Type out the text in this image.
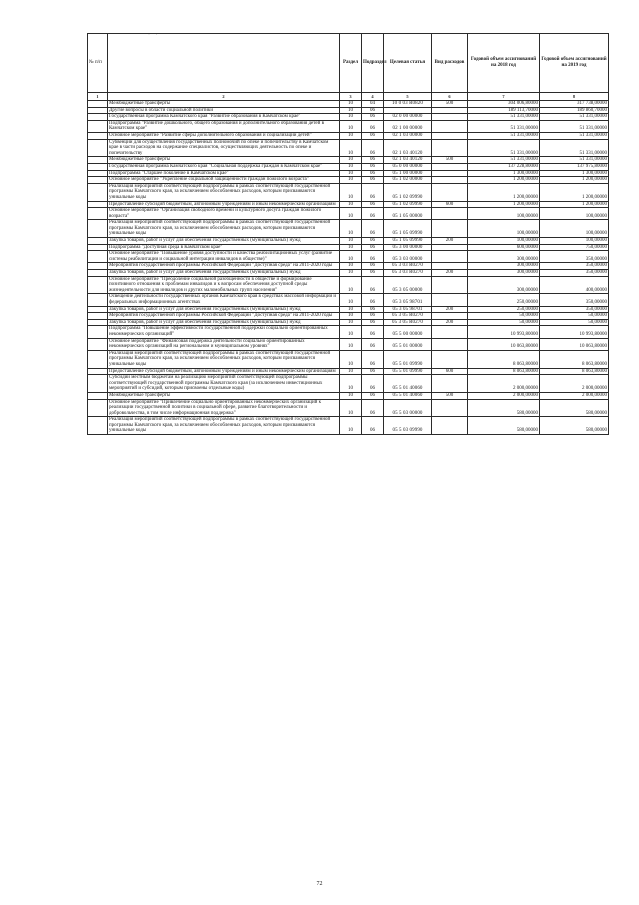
· ·
№ п/п		Раздел	Подраздел	Целевая статья	Вид расходов	Годовой объем ассигнований на 2018 год	Годовой объем ассигнований на 2019 год
1	2	3	4	5	6	7	8
	Межбюджетные трансферты	10	04	10 0 03 R0820	500	304 006,80000	317 738,00000
	Другие вопросы в области социальной политики	10	06			189 113,70000	189 860,70000
	Государственная программа Камчатского края "Развитие образования в Камчатском крае"	10	06	02 0 00 00000		51 331,00000	51 331,00000
	Подпрограмма "Развитие дошкольного, общего образования и дополнительного образования детей в Камчатском крае"	10	06	02 1 00 00000		51 331,00000	51 331,00000
	Основное мероприятие "Развитие сферы дополнительного образования и социализации детей"	10	06	02 1 03 00000		51 331,00000	51 331,00000
	Субвенции для осуществления государственных полномочий по опеке и попечительству в Камчатском крае в части расходов на содержание специалистов, осуществляющих деятельность по опеке и попечительству	10	06	02 1 03 40120		51 331,00000	51 331,00000
	Межбюджетные трансферты	10	06	02 1 03 40120	500	51 331,00000	51 331,00000
	Государственная программа Камчатского края "Социальная поддержка граждан в Камчатском крае"	10	06	05 0 00 00000		137 228,80000	137 975,80000
	Подпрограмма "Старшее поколение в Камчатском крае"	10	06	05 1 00 00000		1 300,00000	1 300,00000
	Основное мероприятие "Укрепление социальной защищенности граждан пожилого возраста"	10	06	05 1 02 00000		1 200,00000	1 200,00000
	Реализация мероприятий соответствующей подпрограммы в рамках соответствующей государственной программы Камчатского края, за исключением обособленных расходов, которым присваиваются уникальные коды	10	06	05 1 02 09990		1 200,00000	1 200,00000
	Предоставление субсидий бюджетным, автономным учреждениям и иным некоммерческим организациям	10	06	05 1 02 09990	600	1 200,00000	1 200,00000
	Основное мероприятие "Организация свободного времени и культурного досуга граждан пожилого возраста"	10	06	05 1 05 00000		100,00000	100,00000
	Реализация мероприятий соответствующей подпрограммы в рамках соответствующей государственной программы Камчатского края, за исключением обособленных расходов, которым присваиваются уникальные коды	10	06	05 1 05 09990		100,00000	100,00000
	Закупка товаров, работ и услуг для обеспечения государственных (муниципальных) нужд	10	06	05 1 05 09990	200	100,00000	100,00000
	Подпрограмма "Доступная среда в Камчатском крае"	10	06	05 3 00 00000		600,00000	750,00000
	Основное мероприятие "Повышение уровня доступности и качества реабилитационных услуг (развитие системы реабилитации и социальной интеграции инвалидов в обществе)"	10	06	05 3 03 00000		300,00000	350,00000
	Мероприятия государственной программы Российской Федерации "Доступная среда" на 2011-2020 годы	10	06	05 3 03 R0270		300,00000	350,00000
	Закупка товаров, работ и услуг для обеспечения государственных (муниципальных) нужд	10	06	05 3 03 R0270	200	300,00000	350,00000
	Основное мероприятие "Преодоление социальной разобщенности в обществе и формирование позитивного отношения к проблемам инвалидов и к вопросам обеспечения доступной среды жизнедеятельности для инвалидов и других маломобильных групп населения"	10	06	05 3 05 00000		300,00000	400,00000
	Освещение деятельности государственных органов Камчатского края в средствах массовой информации и федеральных информационных агентствах	10	06	05 3 05 98701		250,00000	350,00000
	Закупка товаров, работ и услуг для обеспечения государственных (муниципальных) нужд	10	06	05 3 05 98701	200	250,00000	350,00000
	Мероприятия государственной программы Российской Федерации "Доступная среда" на 2011-2020 годы	10	06	05 3 05 R0270		50,00000	50,00000
	Закупка товаров, работ и услуг для обеспечения государственных (муниципальных) нужд	10	06	05 3 05 R0270	200	50,00000	50,00000
	Подпрограмма "Повышение эффективности государственной поддержки социально ориентированных некоммерческих организаций"	10	06	05 5 00 00000		10 993,80000	10 993,80000
	Основное мероприятие "Финансовая поддержка деятельности социально ориентированных некоммерческих организаций на региональном и муниципальном уровнях"	10	06	05 5 01 00000		10 063,80000	10 063,80000
	Реализация мероприятий соответствующей подпрограммы в рамках соответствующей государственной программы Камчатского края, за исключением обособленных расходов, которым присваиваются уникальные коды	10	06	05 5 01 09990		8 063,80000	8 063,80000
	Предоставление субсидий бюджетным, автономным учреждениям и иным некоммерческим организациям	10	06	05 5 01 09990	600	8 063,80000	8 063,80000
	Субсидии местным бюджетам на реализацию мероприятий соответствующей подпрограммы соответствующей государственной программы Камчатского края (за исключением инвестиционных мероприятий и субсидий, которым присвоены отдельные коды)	10	06	05 5 01 40060		2 000,00000	2 000,00000
	Межбюджетные трансферты	10	06	05 5 01 40060	500	2 000,00000	2 000,00000
	Основное мероприятие "Привлечение социально ориентированных некоммерческих организаций к реализации государственной политики в социальной сфере, развитие благотворительности и добровольчества, в том числе информационная поддержка"	10	06	05 5 03 00000		580,00000	580,00000
	Реализация мероприятий соответствующей подпрограммы в рамках соответствующей государственной программы Камчатского края, за исключением обособленных расходов, которым присваиваются уникальные коды	10	06	05 5 03 09990		580,00000	580,00000
72
